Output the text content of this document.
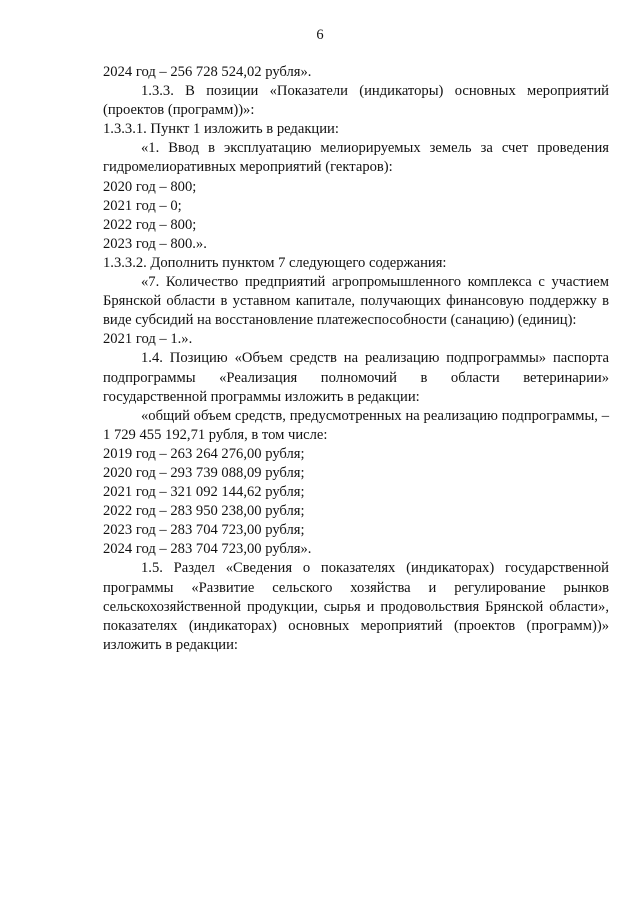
6

2024 год – 256 728 524,02 рубля».

1.3.3. В позиции «Показатели (индикаторы) основных мероприятий (проектов (программ))»:

1.3.3.1. Пункт 1 изложить в редакции:

«1. Ввод в эксплуатацию мелиорируемых земель за счет проведения гидромелиоративных мероприятий (гектаров):

2020 год – 800;

2021 год – 0;

2022 год – 800;

2023 год – 800.».

1.3.3.2. Дополнить пунктом 7 следующего содержания:

«7. Количество предприятий агропромышленного комплекса с участием Брянской области в уставном капитале, получающих финансовую поддержку в виде субсидий на восстановление платежеспособности (санацию) (единиц):

2021 год – 1.».

1.4. Позицию «Объем средств на реализацию подпрограммы» паспорта подпрограммы «Реализация полномочий в области ветеринарии» государственной программы изложить в редакции:

«общий объем средств, предусмотренных на реализацию подпрограммы, – 1 729 455 192,71 рубля, в том числе:

2019 год – 263 264 276,00 рубля;

2020 год – 293 739 088,09 рубля;

2021 год – 321 092 144,62 рубля;

2022 год – 283 950 238,00 рубля;

2023 год – 283 704 723,00 рубля;

2024 год – 283 704 723,00 рубля».

1.5. Раздел «Сведения о показателях (индикаторах) государственной программы «Развитие сельского хозяйства и регулирование рынков сельскохозяйственной продукции, сырья и продовольствия Брянской области», показателях (индикаторах) основных мероприятий (проектов (программ))» изложить в редакции:
